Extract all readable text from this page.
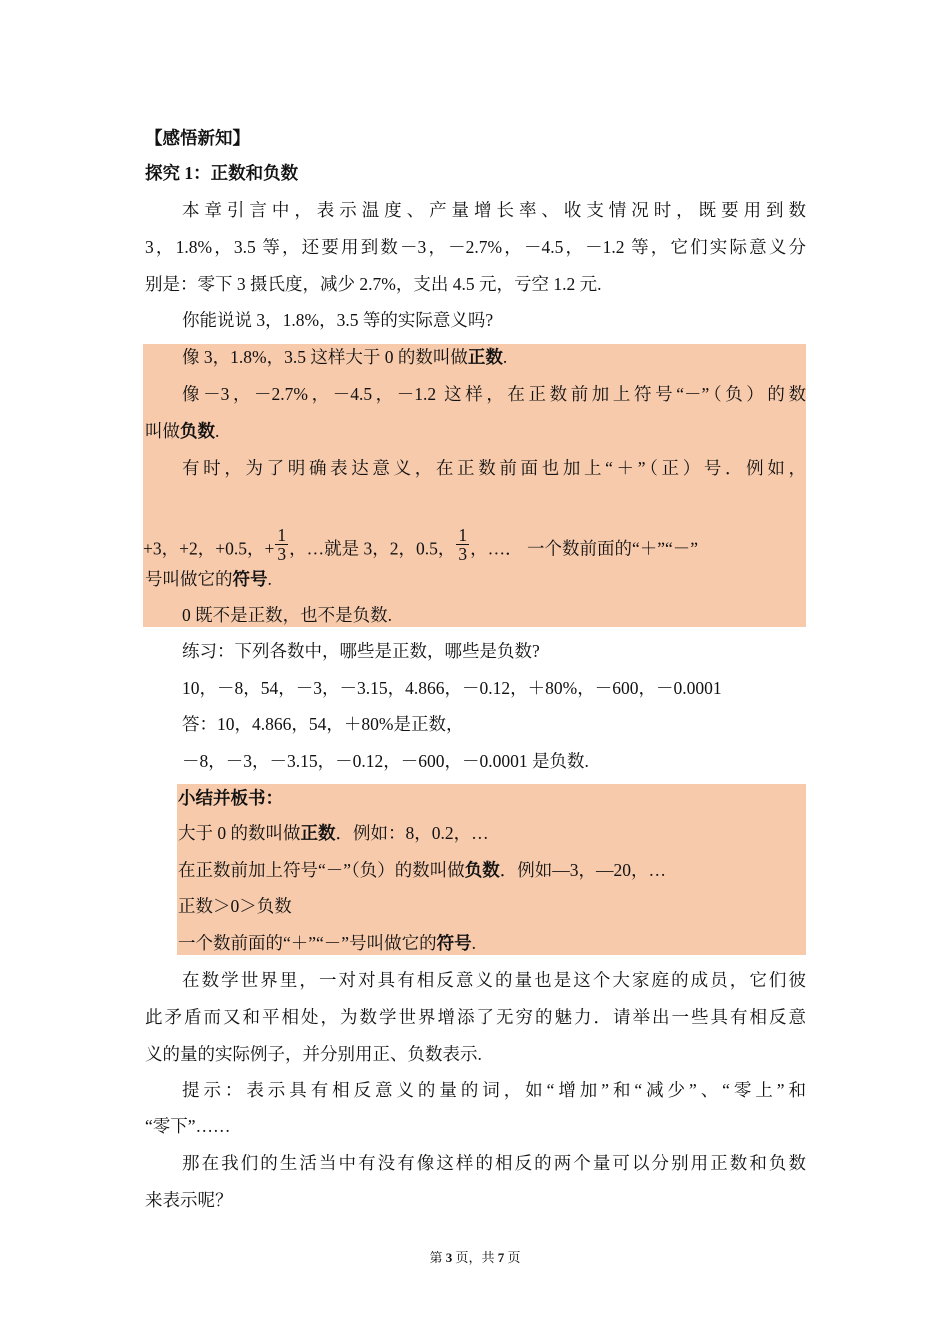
【感悟新知】
探究 1：正数和负数
本章引言中，表示温度、产量增长率、收支情况时，既要用到数
3，1.8%，3.5 等，还要用到数－3，－2.7%，－4.5，－1.2 等，它们实际意义分
别是：零下 3 摄氏度，减少 2.7%，支出 4.5 元，亏空 1.2 元.
你能说说 3，1.8%，3.5 等的实际意义吗?
像 3，1.8%，3.5 这样大于 0 的数叫做正数.
像－3，－2.7%，－4.5，－1.2 这样，在正数前加上符号“－”（负）的数
叫做负数.
有时，为了明确表达意义，在正数前面也加上“＋”（正）号．例如，
+3，+2，+0.5，+ $\frac{1}{3}$ ，…就是 3，2，0.5， $\frac{1}{3}$ ，…． 一个数前面的“＋”“－”
号叫做它的符号.
0 既不是正数，也不是负数.
练习：下列各数中，哪些是正数，哪些是负数?
10，－8，54，－3，－3.15，4.866，－0.12，＋80%，－600，－0.0001
答：10，4.866，54，＋80%是正数，
－8，－3，－3.15，－0.12，－600，－0.0001 是负数.
小结并板书：
大于 0 的数叫做正数．例如：8，0.2，…
在正数前加上符号“－”（负）的数叫做负数．例如—3，—20，…
正数＞0＞负数
一个数前面的“＋”“－”号叫做它的符号.
在数学世界里，一对对具有相反意义的量也是这个大家庭的成员，它们彼
此矛盾而又和平相处，为数学世界增添了无穷的魅力．请举出一些具有相反意
义的量的实际例子，并分别用正、负数表示.
提示：表示具有相反意义的量的词，如“增加”和“减少”、“零上”和
“零下”……
那在我们的生活当中有没有像这样的相反的两个量可以分别用正数和负数
来表示呢？
第 3 页，共 7 页
